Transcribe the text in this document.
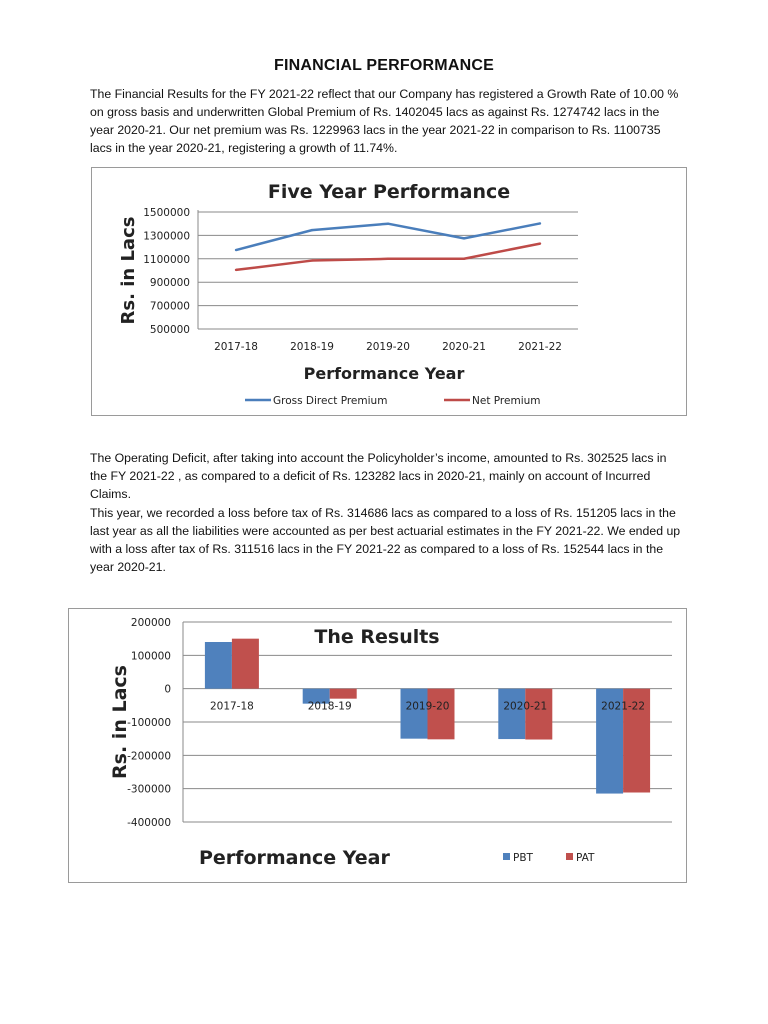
FINANCIAL PERFORMANCE

The Financial Results for the FY 2021-22 reflect that our Company has registered a Growth Rate of 10.00 % on gross basis and underwritten Global Premium of Rs. 1402045 lacs as against Rs. 1274742 lacs in the year 2020-21. Our net premium was Rs. 1229963 lacs in the year 2021-22 in comparison to Rs. 1100735 lacs in the year 2020-21, registering a growth of 11.74%.

Five Year Performance
500000
700000
900000
1100000
1300000
1500000
2017-18	2018-19	2019-20	2020-21	2021-22
Rs. in Lacs
Performance Year
Gross Direct Premium	Net Premium

The Operating Deficit, after taking into account the Policyholder’s income, amounted to Rs. 302525 lacs in the FY 2021-22 , as compared to a deficit of Rs. 123282 lacs in 2020-21, mainly on account of Incurred Claims.

This year, we recorded a loss before tax of Rs. 314686 lacs as compared to a loss of Rs. 151205 lacs in the last year as all the liabilities were accounted as per best actuarial estimates in the FY 2021-22. We ended up with a loss after tax of Rs. 311516 lacs in the FY 2021-22 as compared to a loss of Rs. 152544 lacs in the year 2020-21.

200000
100000
0
-100000
-200000
-300000
-400000
2017-18	2018-19	2019-20	2020-21	2021-22
The Results
Rs. in Lacs
Performance Year	PBT	PAT
